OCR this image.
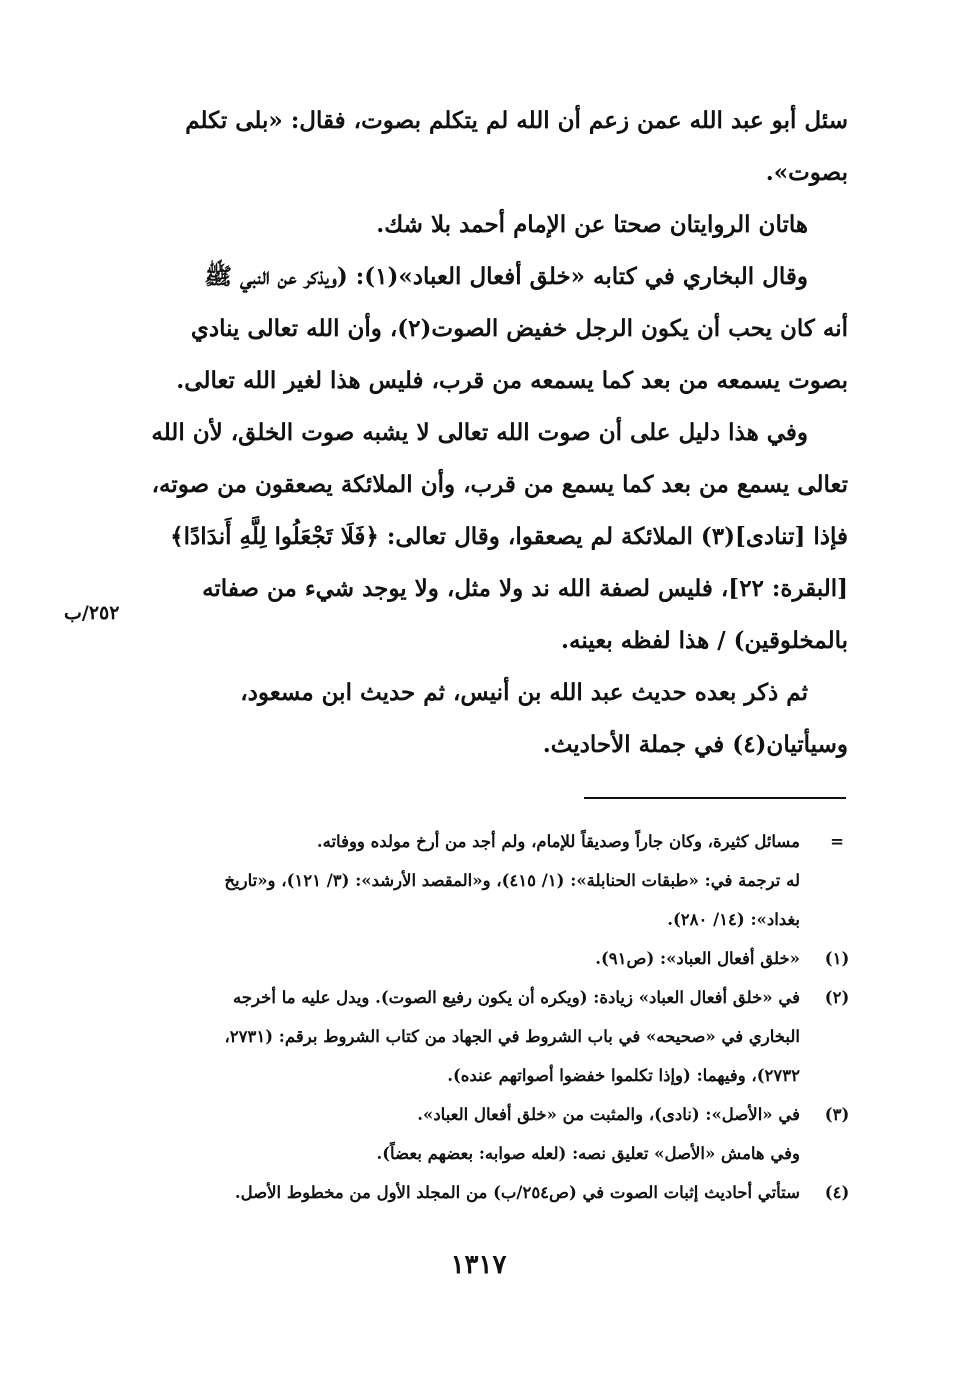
سئل أبو عبد الله عمن زعم أن الله لم يتكلم بصوت، فقال: «بلى تكلم
بصوت».
هاتان الروايتان صحتا عن الإمام أحمد بلا شك.
وقال البخاري في كتابه «خلق أفعال العباد»(١): (ويذكر عن النبي ﷺ
أنه كان يحب أن يكون الرجل خفيض الصوت(٢)، وأن الله تعالى ينادي
بصوت يسمعه من بعد كما يسمعه من قرب، فليس هذا لغير الله تعالى.
وفي هذا دليل على أن صوت الله تعالى لا يشبه صوت الخلق، لأن الله
تعالى يسمع من بعد كما يسمع من قرب، وأن الملائكة يصعقون من صوته،
فإذا [تنادى](٣) الملائكة لم يصعقوا، وقال تعالى: ﴿فَلَا تَجْعَلُوا لِلَّهِ أَندَادًا﴾
[البقرة: ٢٢]، فليس لصفة الله ند ولا مثل، ولا يوجد شيء من صفاته
بالمخلوقين) / هذا لفظه بعينه.
ثم ذكر بعده حديث عبد الله بن أنيس، ثم حديث ابن مسعود،
وسيأتيان(٤) في جملة الأحاديث.
٢٥٢/ب
=
مسائل كثيرة، وكان جاراً وصديقاً للإمام، ولم أجد من أرخ مولده ووفاته.
له ترجمة في: «طبقات الحنابلة»: (١/ ٤١٥)، و«المقصد الأرشد»: (٣/ ١٢١)، و«تاريخ
بغداد»: (١٤/ ٢٨٠).
(١)
«خلق أفعال العباد»: (ص٩١).
(٢)
في «خلق أفعال العباد» زيادة: (ويكره أن يكون رفيع الصوت). ويدل عليه ما أخرجه
البخاري في «صحيحه» في باب الشروط في الجهاد من كتاب الشروط برقم: (٢٧٣١،
٢٧٣٢)، وفيهما: (وإذا تكلموا خفضوا أصواتهم عنده).
(٣)
في «الأصل»: (نادى)، والمثبت من «خلق أفعال العباد».
وفي هامش «الأصل» تعليق نصه: (لعله صوابه: بعضهم بعضاً).
(٤)
ستأتي أحاديث إثبات الصوت في (ص٢٥٤/ب) من المجلد الأول من مخطوط الأصل.
١٣١٧
